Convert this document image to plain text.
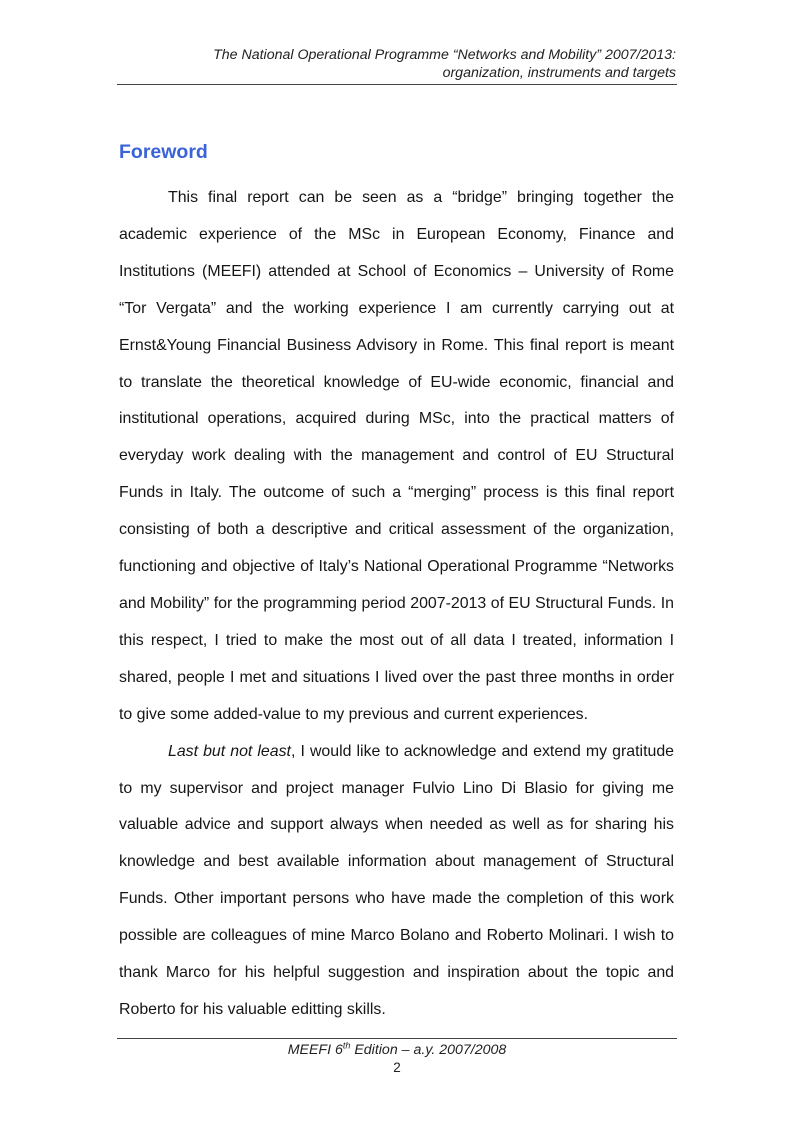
The National Operational Programme “Networks and Mobility” 2007/2013:
organization, instruments and targets
Foreword

This final report can be seen as a “bridge” bringing together the academic experience of the MSc in European Economy, Finance and Institutions (MEEFI) attended at School of Economics – University of Rome “Tor Vergata” and the working experience I am currently carrying out at Ernst&Young Financial Business Advisory in Rome. This final report is meant to translate the theoretical knowledge of EU-wide economic, financial and institutional operations, acquired during MSc, into the practical matters of everyday work dealing with the management and control of EU Structural Funds in Italy. The outcome of such a “merging” process is this final report consisting of both a descriptive and critical assessment of the organization, functioning and objective of Italy’s National Operational Programme “Networks and Mobility” for the programming period 2007-2013 of EU Structural Funds. In this respect, I tried to make the most out of all data I treated, information I shared, people I met and situations I lived over the past three months in order to give some added-value to my previous and current experiences.

Last but not least, I would like to acknowledge and extend my gratitude to my supervisor and project manager Fulvio Lino Di Blasio for giving me valuable advice and support always when needed as well as for sharing his knowledge and best available information about management of Structural Funds. Other important persons who have made the completion of this work possible are colleagues of mine Marco Bolano and Roberto Molinari. I wish to thank Marco for his helpful suggestion and inspiration about the topic and Roberto for his valuable editting skills.

MEEFI 6th Edition – a.y. 2007/2008
2
